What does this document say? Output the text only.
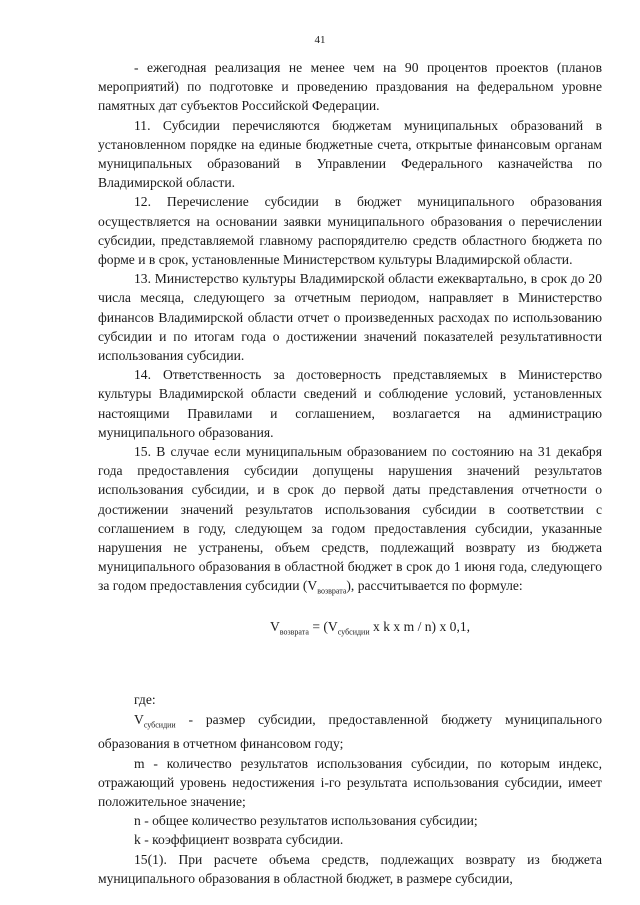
41

- ежегодная реализация не менее чем на 90 процентов проектов (планов мероприятий) по подготовке и проведению праздования на федеральном уровне памятных дат субъектов Российской Федерации.

11. Субсидии перечисляются бюджетам муниципальных образований в установленном порядке на единые бюджетные счета, открытые финансовым органам муниципальных образований в Управлении Федерального казначейства по Владимирской области.

12. Перечисление субсидии в бюджет муниципального образования осуществляется на основании заявки муниципального образования о перечислении субсидии, представляемой главному распорядителю средств областного бюджета по форме и в срок, установленные Министерством культуры Владимирской области.

13. Министерство культуры Владимирской области ежеквартально, в срок до 20 числа месяца, следующего за отчетным периодом, направляет в Министерство финансов Владимирской области отчет о произведенных расходах по использованию субсидии и по итогам года о достижении значений показателей результативности использования субсидии.

14. Ответственность за достоверность представляемых в Министерство культуры Владимирской области сведений и соблюдение условий, установленных настоящими Правилами и соглашением, возлагается на администрацию муниципального образования.

15. В случае если муниципальным образованием по состоянию на 31 декабря года предоставления субсидии допущены нарушения значений результатов использования субсидии, и в срок до первой даты представления отчетности о достижении значений результатов использования субсидии в соответствии с соглашением в году, следующем за годом предоставления субсидии, указанные нарушения не устранены, объем средств, подлежащий возврату из бюджета муниципального образования в областной бюджет в срок до 1 июня года, следующего за годом предоставления субсидии $(V_{возврата})$, рассчитывается по формуле:

$V_{возврата} = (V_{субсидии}$ x k x m / n) x 0,1,

где:

$V_{субсидии}$ - размер субсидии, предоставленной бюджету муниципального образования в отчетном финансовом году;

m - количество результатов использования субсидии, по которым индекс, отражающий уровень недостижения i-го результата использования субсидии, имеет положительное значение;

n - общее количество результатов использования субсидии;

k - коэффициент возврата субсидии.

15(1). При расчете объема средств, подлежащих возврату из бюджета муниципального образования в областной бюджет, в размере субсидии,
